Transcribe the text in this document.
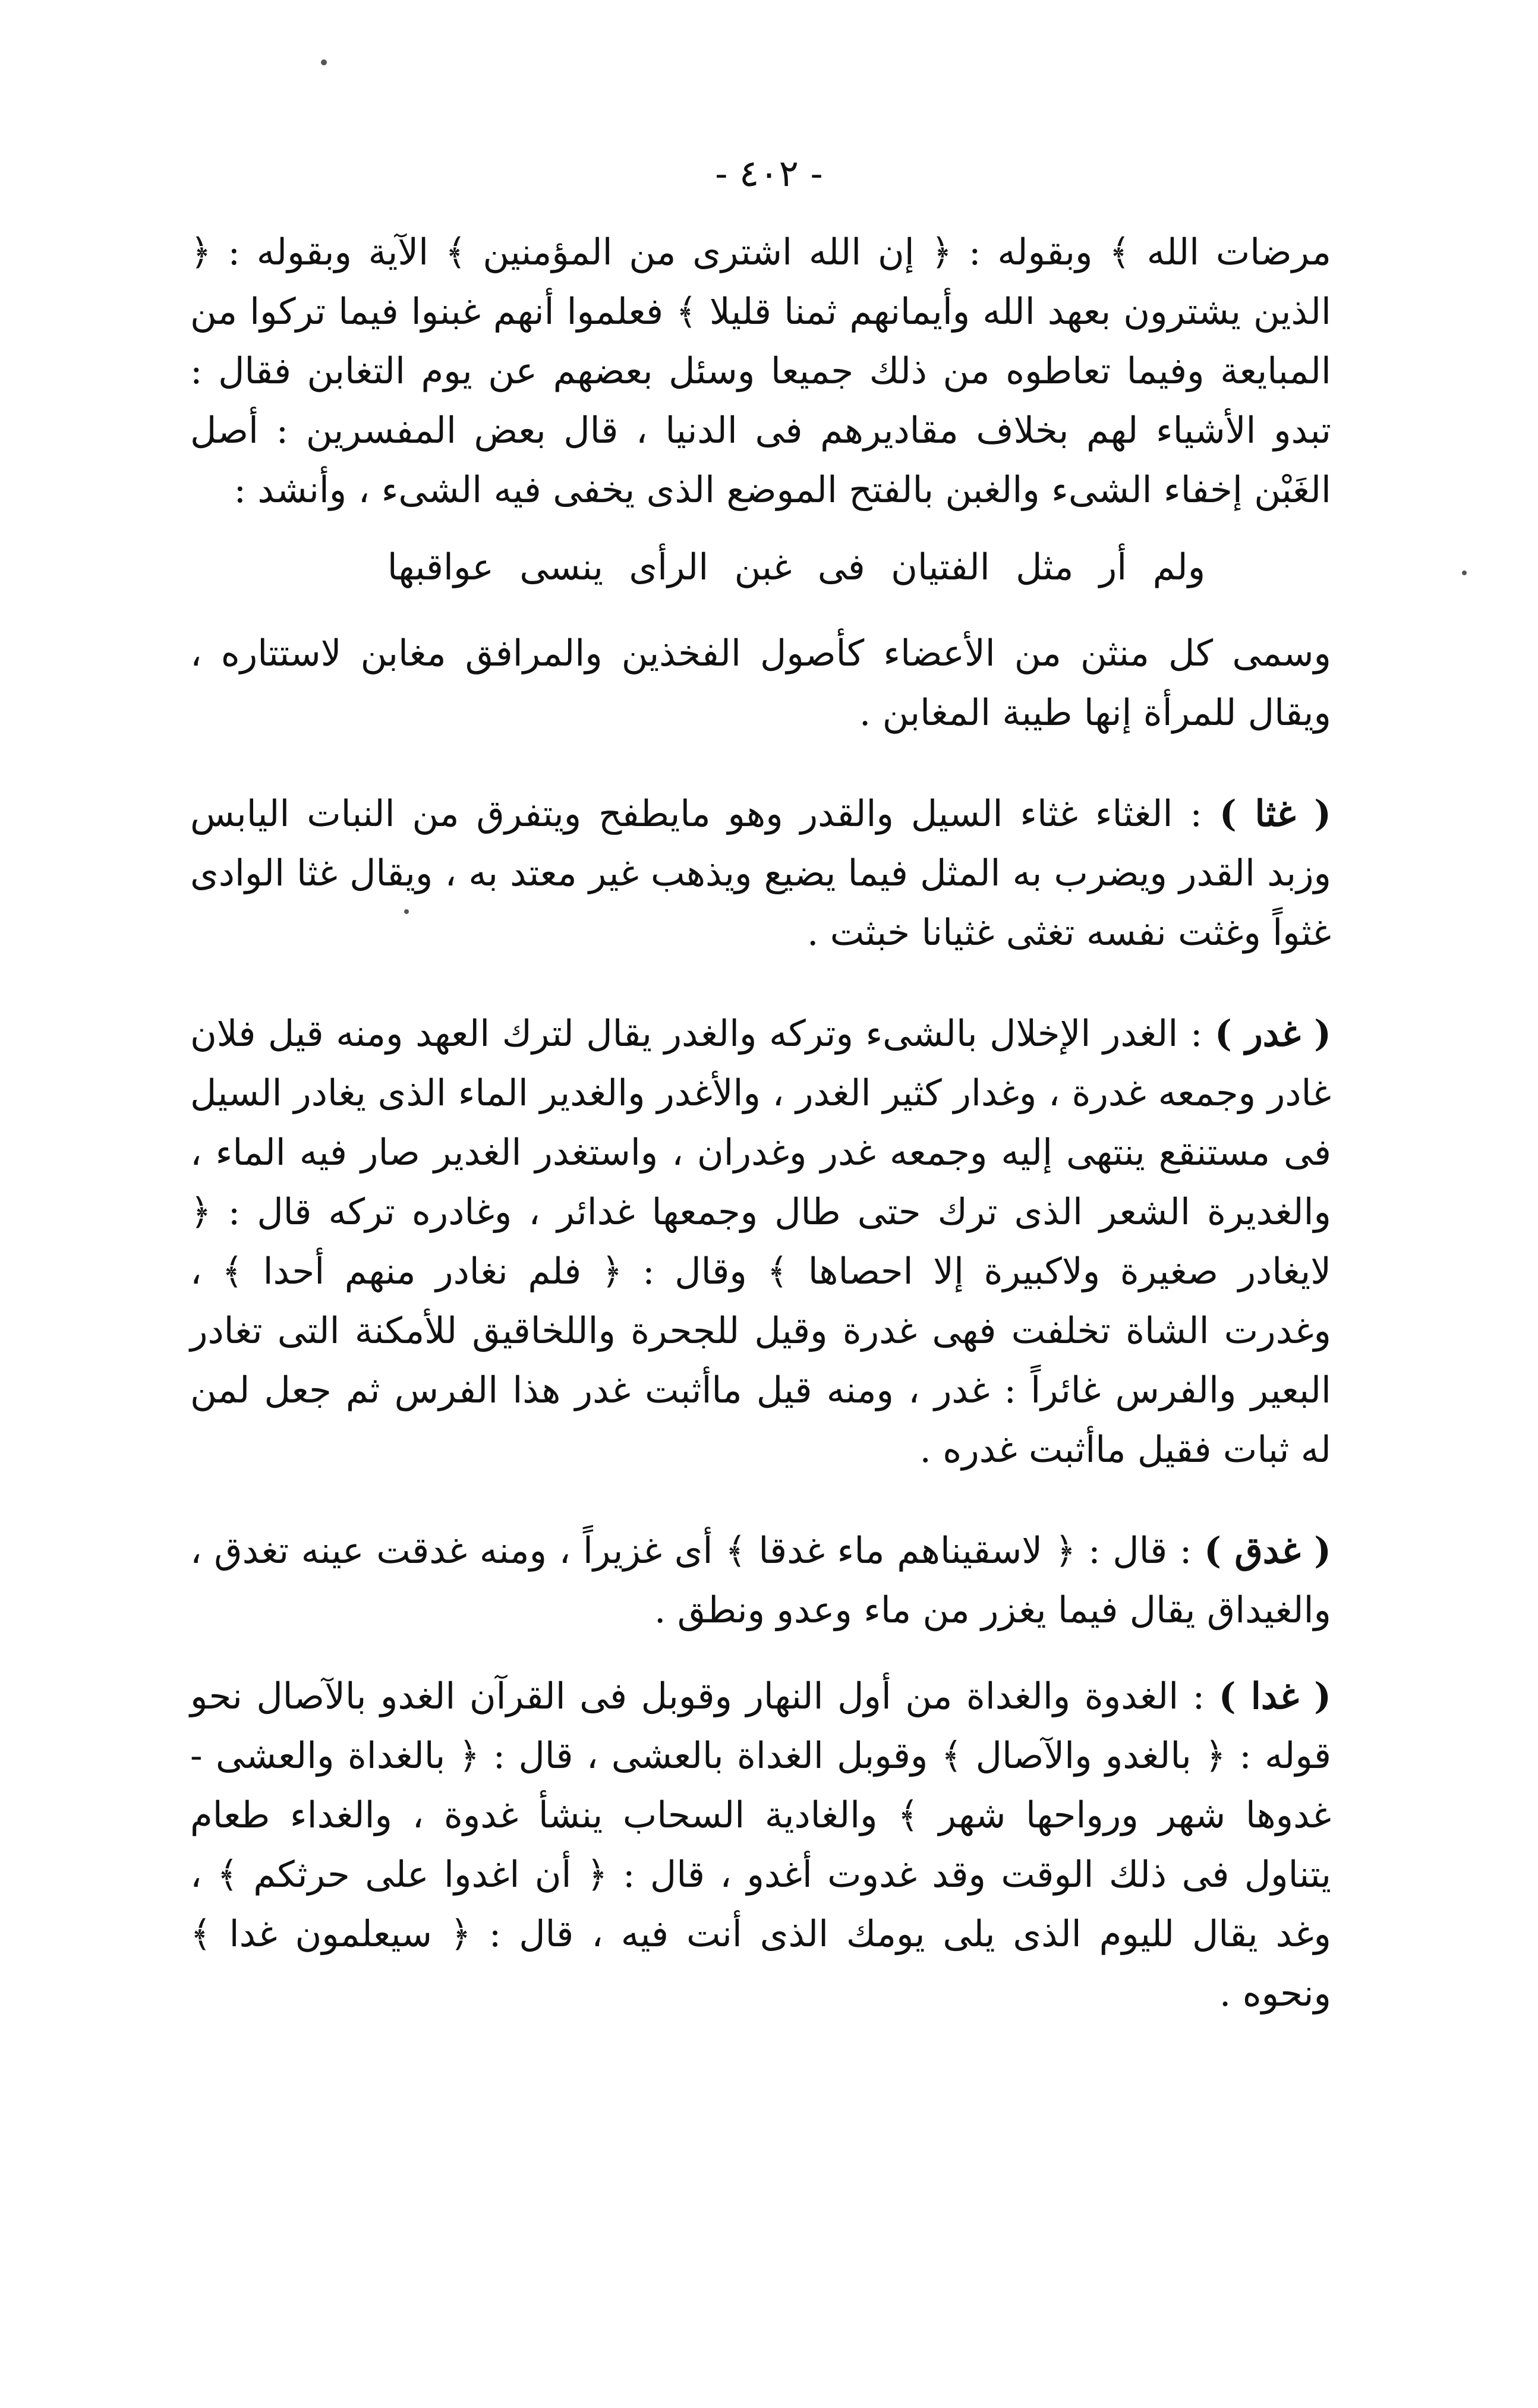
- ٤٠٢ -

مرضات الله ﴾ وبقوله : ﴿ إن الله اشترى من المؤمنين ﴾ الآية وبقوله : ﴿ الذين يشترون بعهد الله وأيمانهم ثمنا قليلا ﴾ فعلموا أنهم غبنوا فيما تركوا من المبايعة وفيما تعاطوه من ذلك جميعا وسئل بعضهم عن يوم التغابن فقال : تبدو الأشياء لهم بخلاف مقاديرهم فى الدنيا ، قال بعض المفسرين : أصل الغَبْن إخفاء الشىء والغبن بالفتح الموضع الذى يخفى فيه الشىء ، وأنشد :

ولم أر مثل الفتيان فى غبن الرأى ينسى عواقبها

وسمى كل منثن من الأعضاء كأصول الفخذين والمرافق مغابن لاستتاره ، ويقال للمرأة إنها طيبة المغابن .

( غثا ) : الغثاء غثاء السيل والقدر وهو مايطفح ويتفرق من النبات اليابس وزبد القدر ويضرب به المثل فيما يضيع ويذهب غير معتد به ، ويقال غثا الوادى غثواً وغثت نفسه تغثى غثيانا خبثت .

( غدر ) : الغدر الإخلال بالشىء وتركه والغدر يقال لترك العهد ومنه قيل فلان غادر وجمعه غدرة ، وغدار كثير الغدر ، والأغدر والغدير الماء الذى يغادر السيل فى مستنقع ينتهى إليه وجمعه غدر وغدران ، واستغدر الغدير صار فيه الماء ، والغديرة الشعر الذى ترك حتى طال وجمعها غدائر ، وغادره تركه قال : ﴿ لايغادر صغيرة ولاكبيرة إلا احصاها ﴾ وقال : ﴿ فلم نغادر منهم أحدا ﴾ ، وغدرت الشاة تخلفت فهى غدرة وقيل للجحرة واللخاقيق للأمكنة التى تغادر البعير والفرس غائراً : غدر ، ومنه قيل ماأثبت غدر هذا الفرس ثم جعل لمن له ثبات فقيل ماأثبت غدره .

( غدق ) : قال : ﴿ لاسقيناهم ماء غدقا ﴾ أى غزيراً ، ومنه غدقت عينه تغدق ، والغيداق يقال فيما يغزر من ماء وعدو ونطق .

( غدا ) : الغدوة والغداة من أول النهار وقوبل فى القرآن الغدو بالآصال نحو قوله : ﴿ بالغدو والآصال ﴾ وقوبل الغداة بالعشى ، قال : ﴿ بالغداة والعشى - غدوها شهر ورواحها شهر ﴾ والغادية السحاب ينشأ غدوة ، والغداء طعام يتناول فى ذلك الوقت وقد غدوت أغدو ، قال : ﴿ أن اغدوا على حرثكم ﴾ ، وغد يقال لليوم الذى يلى يومك الذى أنت فيه ، قال : ﴿ سيعلمون غدا ﴾ ونحوه .
